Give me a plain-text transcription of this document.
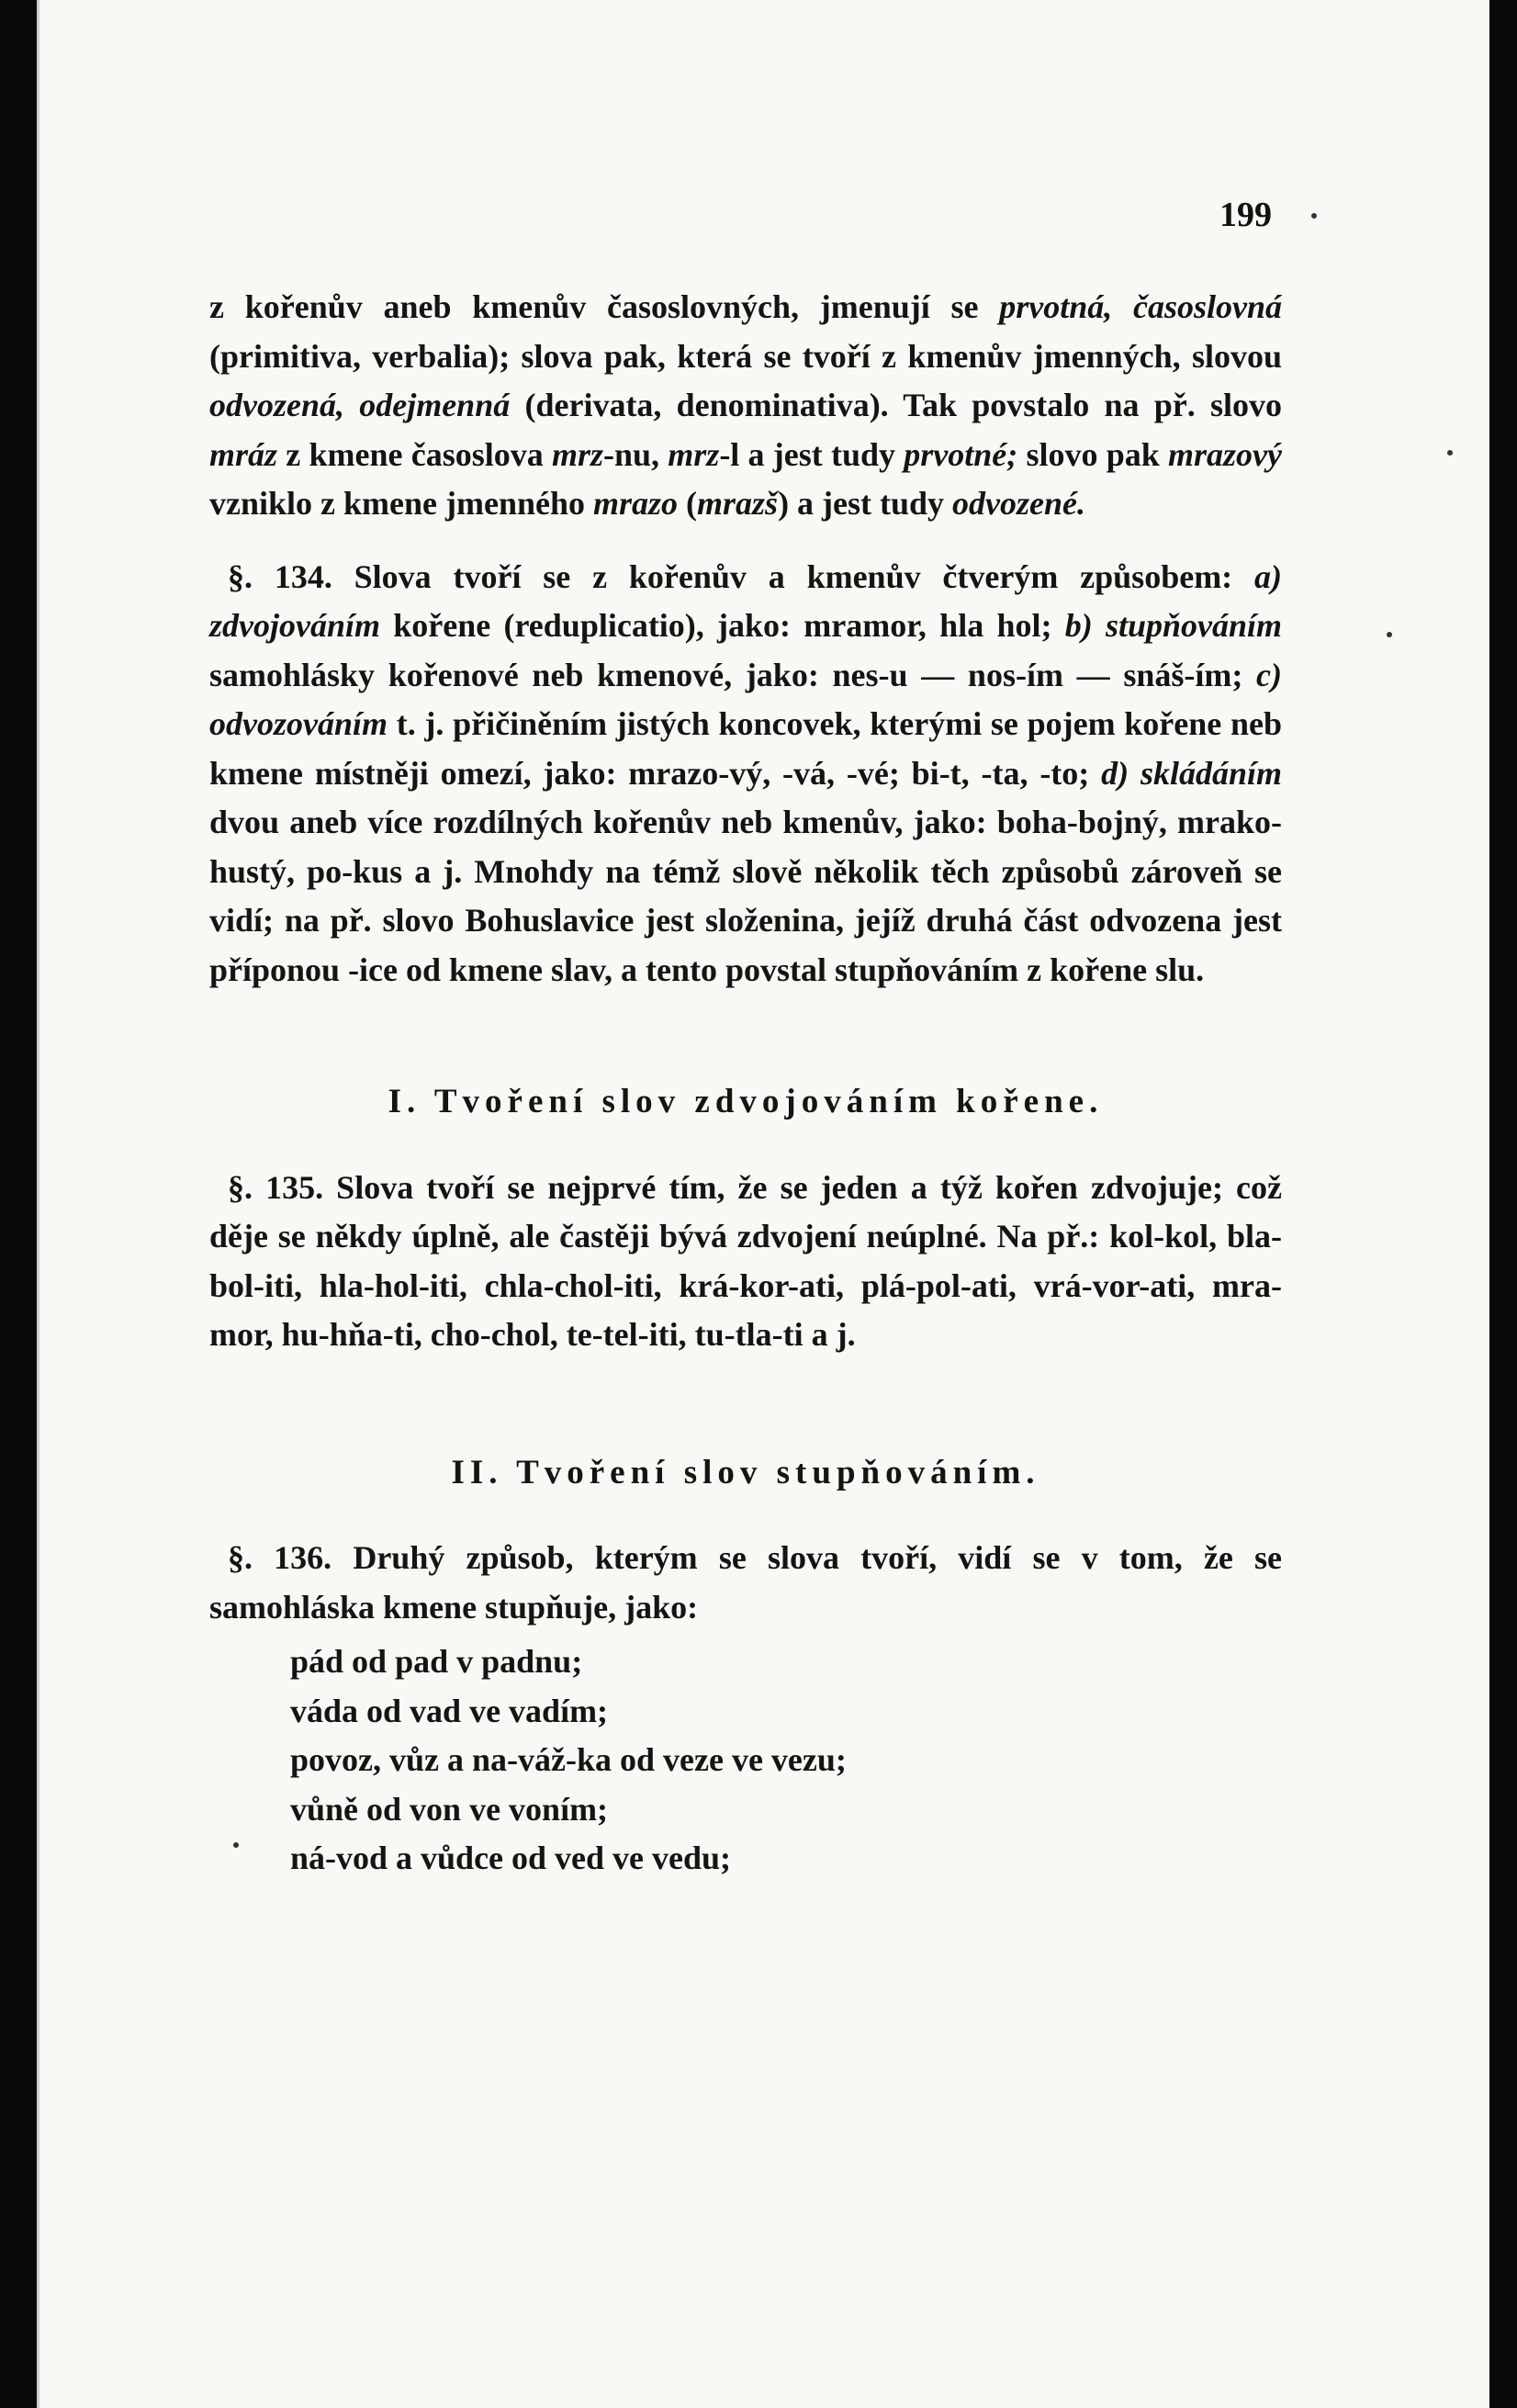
199

z kořenův aneb kmenův časoslovných, jmenují se prvotná, časoslovná (primitiva, verbalia); slova pak, která se tvoří z kmenův jmenných, slovou odvozená, odejmenná (derivata, denominativa). Tak povstalo na př. slovo mráz z kmene časoslova mrz-nu, mrz-l a jest tudy prvotné; slovo pak mrazový vzniklo z kmene jmenného mrazo (mrazš) a jest tudy odvozené.

§. 134. Slova tvoří se z kořenův a kmenův čtverým způsobem: a) zdvojováním kořene (reduplicatio), jako: mramor, hla hol; b) stupňováním samohlásky kořenové neb kmenové, jako: nes-u — nos-ím — snáš-ím; c) odvozováním t. j. přičiněním jistých koncovek, kterými se pojem kořene neb kmene místněji omezí, jako: mrazo-vý, -vá, -vé; bi-t, -ta, -to; d) skládáním dvou aneb více rozdílných kořenův neb kmenův, jako: boha-bojný, mrako-hustý, po-kus a j. Mnohdy na témž slově několik těch způsobů zároveň se vidí; na př. slovo Bohuslavice jest složenina, jejíž druhá část odvozena jest příponou -ice od kmene slav, a tento povstal stupňováním z kořene slu.

I. Tvoření slov zdvojováním kořene.

§. 135. Slova tvoří se nejprvé tím, že se jeden a týž kořen zdvojuje; což děje se někdy úplně, ale častěji bývá zdvojení neúplné. Na př.: kol-kol, bla-bol-iti, hla-hol-iti, chla-chol-iti, krá-kor-ati, plá-pol-ati, vrá-vor-ati, mra-mor, hu-hňa-ti, cho-chol, te-tel-iti, tu-tla-ti a j.

II. Tvoření slov stupňováním.

§. 136. Druhý způsob, kterým se slova tvoří, vidí se v tom, že se samohláska kmene stupňuje, jako:

pád od pad v padnu;

váda od vad ve vadím;

povoz, vůz a na-váž-ka od veze ve vezu;

vůně od von ve voním;

ná-vod a vůdce od ved ve vedu;
